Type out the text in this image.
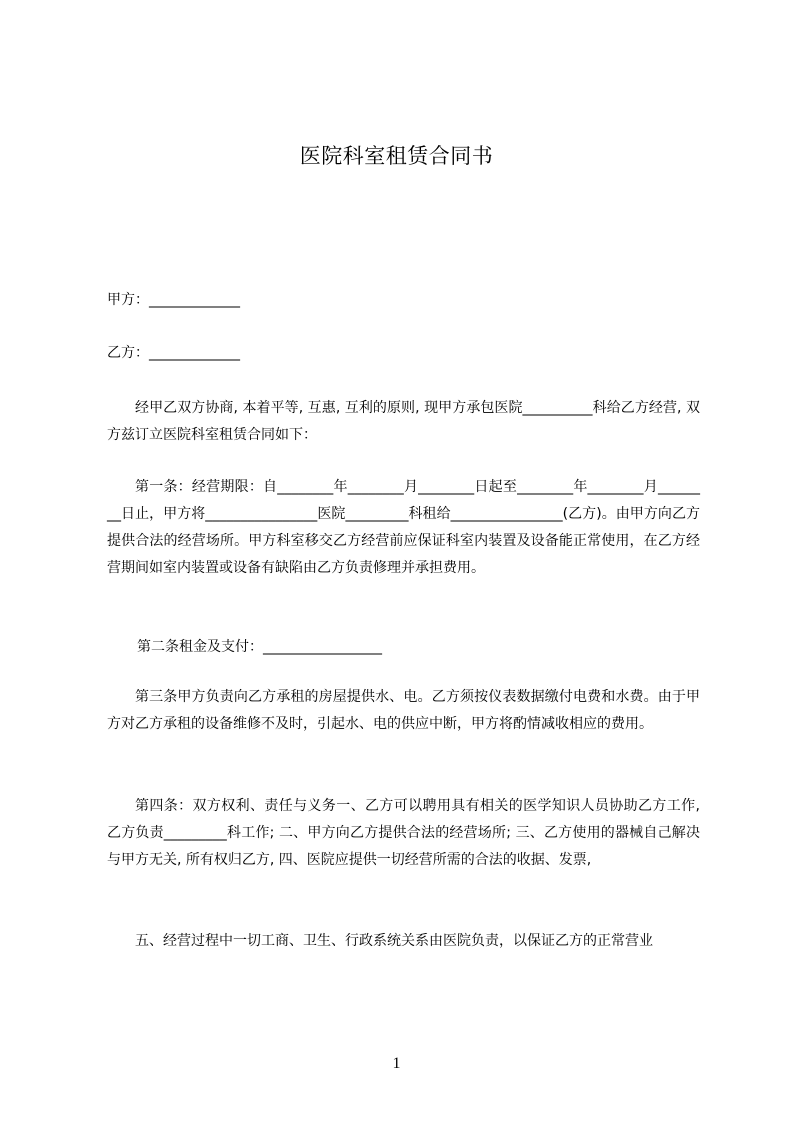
医院科室租赁合同书
甲方：_____________
乙方：_____________
经甲乙双方协商, 本着平等, 互惠, 互利的原则, 现甲方承包医院__________科给乙方经营, 双方兹订立医院科室租赁合同如下：
第一条：经营期限：自________年________月________日起至________年________月________日止，甲方将________________医院_________科租给________________(乙方)。由甲方向乙方提供合法的经营场所。甲方科室移交乙方经营前应保证科室内装置及设备能正常使用，在乙方经营期间如室内装置或设备有缺陷由乙方负责修理并承担费用。
第二条租金及支付：_________________
第三条甲方负责向乙方承租的房屋提供水、电。乙方须按仪表数据缴付电费和水费。由于甲方对乙方承租的设备维修不及时，引起水、电的供应中断，甲方将酌情减收相应的费用。
第四条：双方权利、责任与义务一、乙方可以聘用具有相关的医学知识人员协助乙方工作, 乙方负责_________科工作; 二、甲方向乙方提供合法的经营场所; 三、乙方使用的器械自己解决与甲方无关, 所有权归乙方, 四、医院应提供一切经营所需的合法的收据、发票,
五、经营过程中一切工商、卫生、行政系统关系由医院负责，以保证乙方的正常营业
1
